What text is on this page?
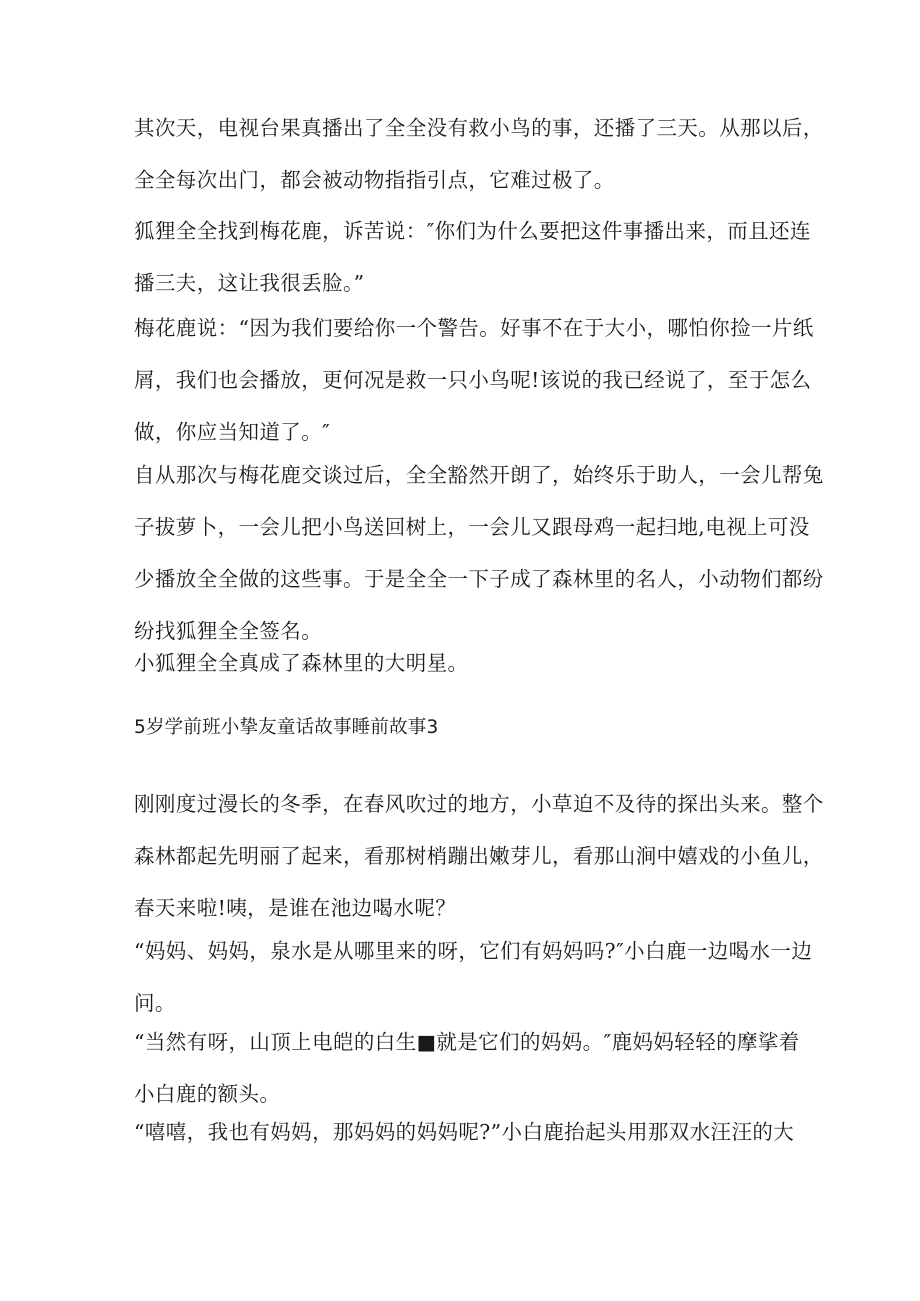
其次天，电视台果真播出了全全没有救小鸟的事，还播了三天。从那以后，
全全每次出门，都会被动物指指引点，它难过极了。

狐狸全全找到梅花鹿，诉苦说：″你们为什么要把这件事播出来，而且还连
播三夫，这让我很丢脸。”

梅花鹿说：“因为我们要给你一个警告。好事不在于大小，哪怕你捡一片纸
屑，我们也会播放，更何况是救一只小鸟呢!该说的我已经说了，至于怎么
做，你应当知道了。″

自从那次与梅花鹿交谈过后，全全豁然开朗了，始终乐于助人，一会儿帮兔
子拔萝卜，一会儿把小鸟送回树上，一会儿又跟母鸡一起扫地,电视上可没
少播放全全做的这些事。于是全全一下子成了森林里的名人，小动物们都纷
纷找狐狸全全签名。

小狐狸全全真成了森林里的大明星。

5岁学前班小挚友童话故事睡前故事3

刚刚度过漫长的冬季，在春风吹过的地方，小草迫不及待的探出头来。整个
森林都起先明丽了起来，看那树梢蹦出嫩芽儿，看那山涧中嬉戏的小鱼儿，
春天来啦!咦，是谁在池边喝水呢？

“妈妈、妈妈，泉水是从哪里来的呀，它们有妈妈吗?″小白鹿一边喝水一边
问。

“当然有呀，山顶上电皑的白生■就是它们的妈妈。″鹿妈妈轻轻的摩挲着
小白鹿的额头。

“嘻嘻，我也有妈妈，那妈妈的妈妈呢?”小白鹿抬起头用那双水汪汪的大
